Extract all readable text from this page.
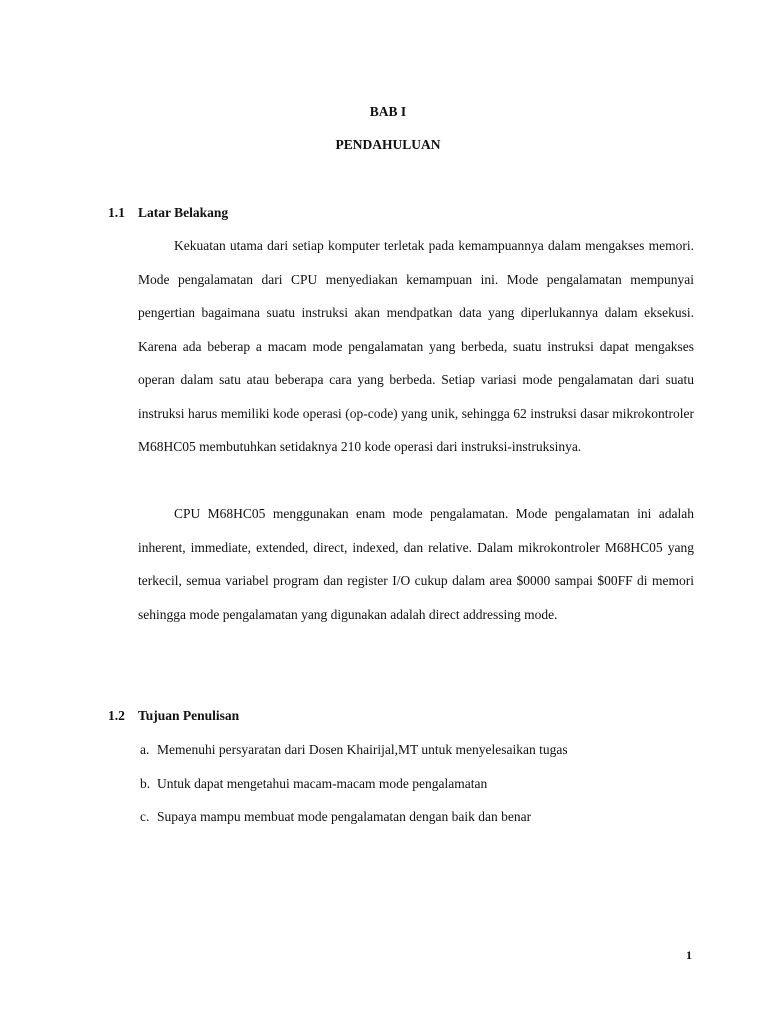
BAB I
PENDAHULUAN
1.1 Latar Belakang

Kekuatan utama dari setiap komputer terletak pada kemampuannya dalam mengakses memori. Mode pengalamatan dari CPU menyediakan kemampuan ini. Mode pengalamatan mempunyai pengertian bagaimana suatu instruksi akan mendpatkan data yang diperlukannya dalam eksekusi. Karena ada beberap a macam mode pengalamatan yang berbeda, suatu instruksi dapat mengakses operan dalam satu atau beberapa cara yang berbeda. Setiap variasi mode pengalamatan dari suatu instruksi harus memiliki kode operasi (op-code) yang unik, sehingga 62 instruksi dasar mikrokontroler M68HC05 membutuhkan setidaknya 210 kode operasi dari instruksi-instruksinya.

CPU M68HC05 menggunakan enam mode pengalamatan. Mode pengalamatan ini adalah inherent, immediate, extended, direct, indexed, dan relative. Dalam mikrokontroler M68HC05 yang terkecil, semua variabel program dan register I/O cukup dalam area $0000 sampai $00FF di memori sehingga mode pengalamatan yang digunakan adalah direct addressing mode.

1.2 Tujuan Penulisan
a. Memenuhi persyaratan dari Dosen Khairijal,MT untuk menyelesaikan tugas
b. Untuk dapat mengetahui macam-macam mode pengalamatan
c. Supaya mampu membuat mode pengalamatan dengan baik dan benar
1
